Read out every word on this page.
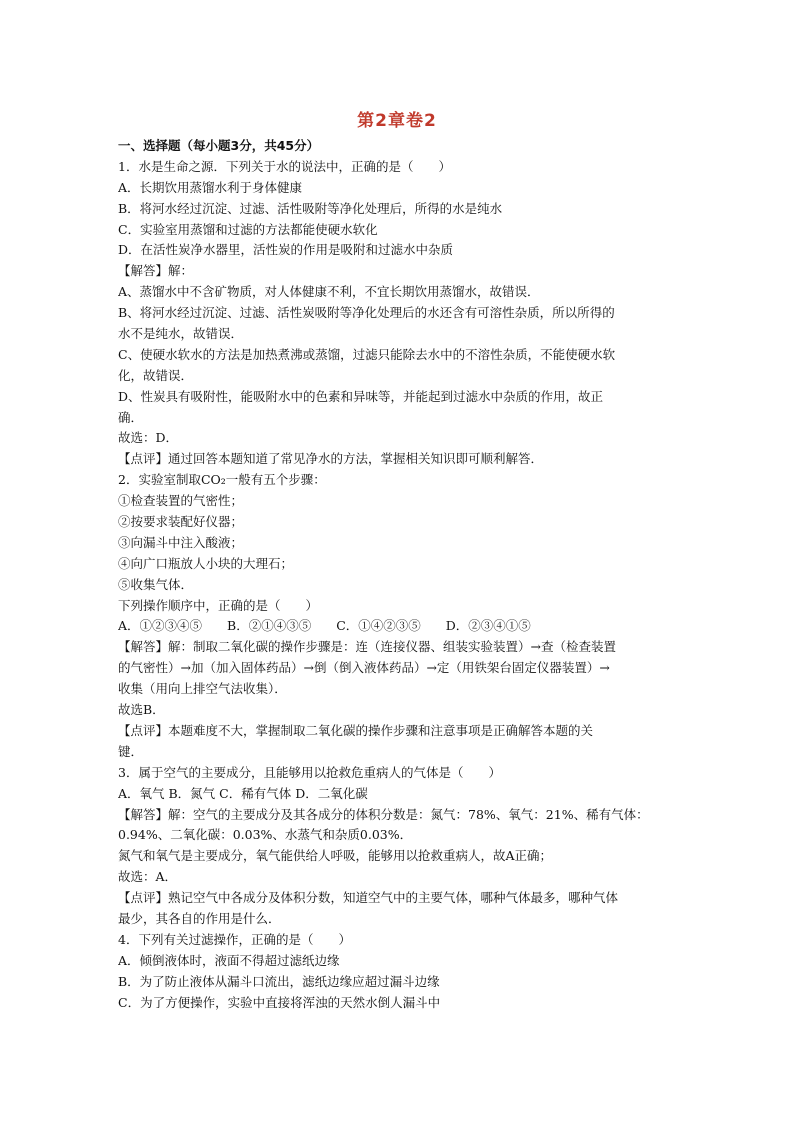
第2章卷2
一、选择题（每小题3分，共45分）
1．水是生命之源．下列关于水的说法中，正确的是（　　）
A．长期饮用蒸馏水利于身体健康
B．将河水经过沉淀、过滤、活性吸附等净化处理后，所得的水是纯水
C．实验室用蒸馏和过滤的方法都能使硬水软化
D．在活性炭净水器里，活性炭的作用是吸附和过滤水中杂质
【解答】解：
A、蒸馏水中不含矿物质，对人体健康不利，不宜长期饮用蒸馏水，故错误．
B、将河水经过沉淀、过滤、活性炭吸附等净化处理后的水还含有可溶性杂质，所以所得的
水不是纯水，故错误．
C、使硬水软水的方法是加热煮沸或蒸馏，过滤只能除去水中的不溶性杂质，不能使硬水软
化，故错误．
D、性炭具有吸附性，能吸附水中的色素和异味等，并能起到过滤水中杂质的作用，故正
确．
故选：D．
【点评】通过回答本题知道了常见净水的方法，掌握相关知识即可顺利解答．
2．实验室制取CO₂一般有五个步骤：
①检查装置的气密性；
②按要求装配好仪器；
③向漏斗中注入酸液；
④向广口瓶放人小块的大理石；
⑤收集气体．
下列操作顺序中，正确的是（　　）
A．①②③④⑤　　B．②①④③⑤　　C．①④②③⑤　　D．②③④①⑤
【解答】解：制取二氧化碳的操作步骤是：连（连接仪器、组装实验装置）→查（检查装置
的气密性）→加（加入固体药品）→倒（倒入液体药品）→定（用铁架台固定仪器装置）→
收集（用向上排空气法收集）．
故选B．
【点评】本题难度不大，掌握制取二氧化碳的操作步骤和注意事项是正确解答本题的关
键．
3．属于空气的主要成分，且能够用以抢救危重病人的气体是（　　）
A．氧气 B．氮气 C．稀有气体 D．二氧化碳
【解答】解：空气的主要成分及其各成分的体积分数是：氮气：78%、氧气：21%、稀有气体：
0.94%、二氧化碳：0.03%、水蒸气和杂质0.03%．
氮气和氧气是主要成分，氧气能供给人呼吸，能够用以抢救重病人，故A正确；
故选：A．
【点评】熟记空气中各成分及体积分数，知道空气中的主要气体，哪种气体最多，哪种气体
最少，其各自的作用是什么．
4．下列有关过滤操作，正确的是（　　）
A．倾倒液体时，液面不得超过滤纸边缘
B．为了防止液体从漏斗口流出，滤纸边缘应超过漏斗边缘
C．为了方便操作，实验中直接将浑浊的天然水倒人漏斗中
